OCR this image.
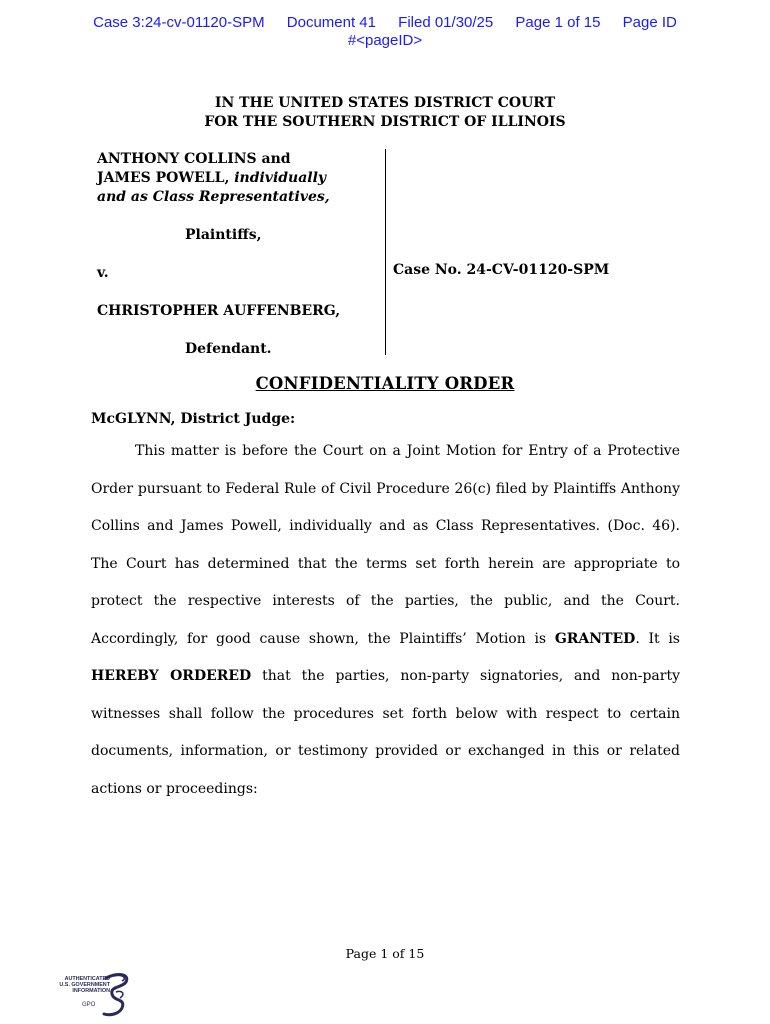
Case 3:24-cv-01120-SPM Document 41 Filed 01/30/25 Page 1 of 15 Page ID
#<pageID>
IN THE UNITED STATES DISTRICT COURT
FOR THE SOUTHERN DISTRICT OF ILLINOIS
ANTHONY COLLINS and
JAMES POWELL, individually
and as Class Representatives,
Plaintiffs,
v.
CHRISTOPHER AUFFENBERG,
Defendant.
Case No. 24-CV-01120-SPM
CONFIDENTIALITY ORDER
McGLYNN, District Judge:

This matter is before the Court on a Joint Motion for Entry of a Protective Order pursuant to Federal Rule of Civil Procedure 26(c) filed by Plaintiffs Anthony Collins and James Powell, individually and as Class Representatives. (Doc. 46). The Court has determined that the terms set forth herein are appropriate to protect the respective interests of the parties, the public, and the Court. Accordingly, for good cause shown, the Plaintiffs’ Motion is GRANTED. It is HEREBY ORDERED that the parties, non-party signatories, and non-party witnesses shall follow the procedures set forth below with respect to certain documents, information, or testimony provided or exchanged in this or related actions or proceedings:

Page 1 of 15
AUTHENTICATED
U.S. GOVERNMENT
INFORMATION
GPO
